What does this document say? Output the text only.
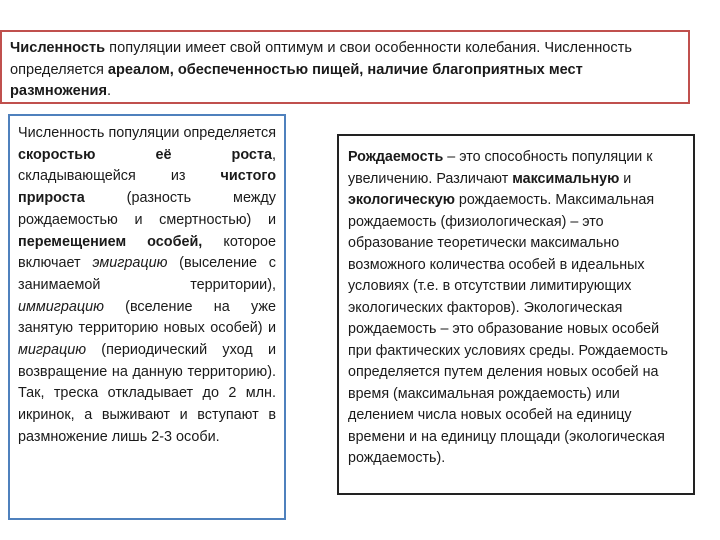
Численность популяции имеет свой оптимум и свои особенности колебания. Численность определяется ареалом, обеспеченностью пищей, наличие благоприятных мест размножения.
Численность популяции определяется скоростью её роста, складывающейся из чистого прироста (разность между рождаемостью и смертностью) и перемещением особей, которое включает эмиграцию (выселение с занимаемой территории), иммиграцию (вселение на уже занятую территорию новых особей) и миграцию (периодический уход и возвращение на данную территорию). Так, треска откладывает до 2 млн. икринок, а выживают и вступают в размножение лишь 2-3 особи.
Рождаемость – это способность популяции к увеличению. Различают максимальную и экологическую рождаемость. Максимальная рождаемость (физиологическая) – это образование теоретически максимально возможного количества особей в идеальных условиях (т.е. в отсутствии лимитирующих экологических факторов). Экологическая рождаемость – это образование новых особей при фактических условиях среды. Рождаемость определяется путем деления новых особей на время (максимальная рождаемость) или делением числа новых особей на единицу времени и на единицу площади (экологическая рождаемость).
